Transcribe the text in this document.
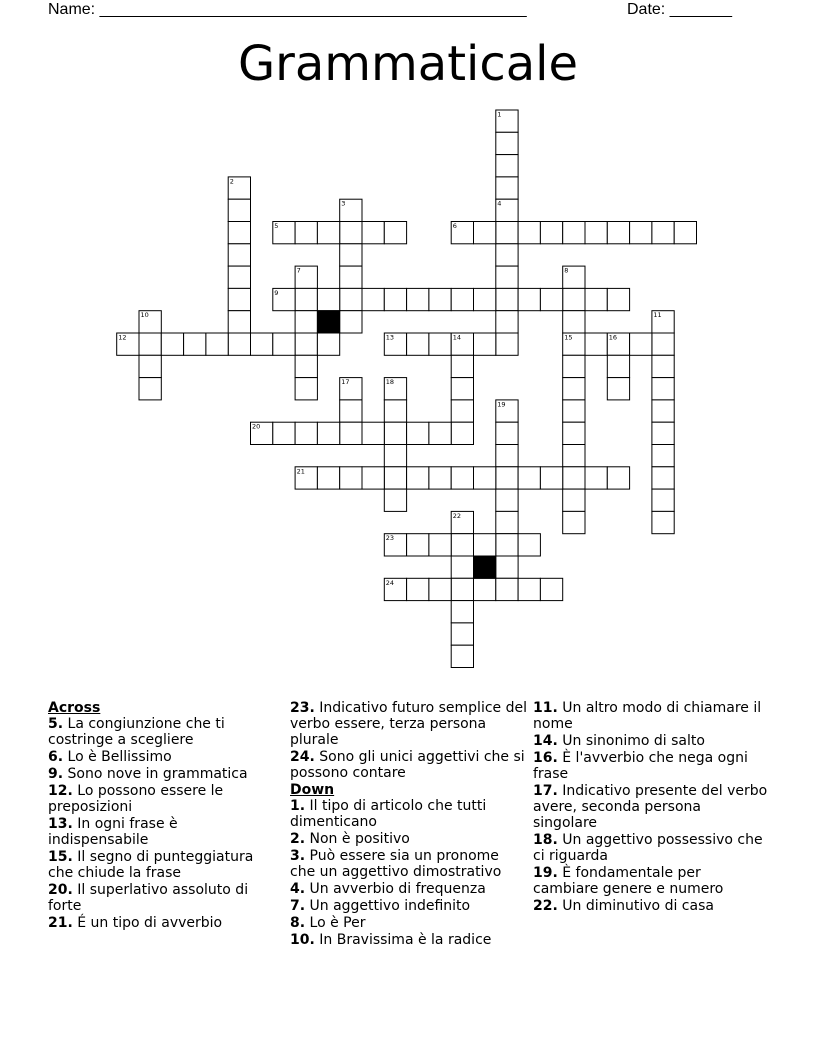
Name: ________________________________________________	Date: _______
Grammaticale
1
2
3	4
5	6
7	8
9
10	11
12	13	14	15	16
17	18
19
20
21
22
23
24
Across
5. La congiunzione che ti costringe a scegliere
6. Lo è Bellissimo
9. Sono nove in grammatica
12. Lo possono essere le preposizioni
13. In ogni frase è indispensabile
15. Il segno di punteggiatura che chiude la frase
20. Il superlativo assoluto di forte
21. É un tipo di avverbio
23. Indicativo futuro semplice del verbo essere, terza persona plurale
24. Sono gli unici aggettivi che si possono contare
Down
1. Il tipo di articolo che tutti dimenticano
2. Non è positivo
3. Può essere sia un pronome che un aggettivo dimostrativo
4. Un avverbio di frequenza
7. Un aggettivo indefinito
8. Lo è Per
10. In Bravissima è la radice
11. Un altro modo di chiamare il nome
14. Un sinonimo di salto
16. È l'avverbio che nega ogni frase
17. Indicativo presente del verbo avere, seconda persona singolare
18. Un aggettivo possessivo che ci riguarda
19. È fondamentale per cambiare genere e numero
22. Un diminutivo di casa
